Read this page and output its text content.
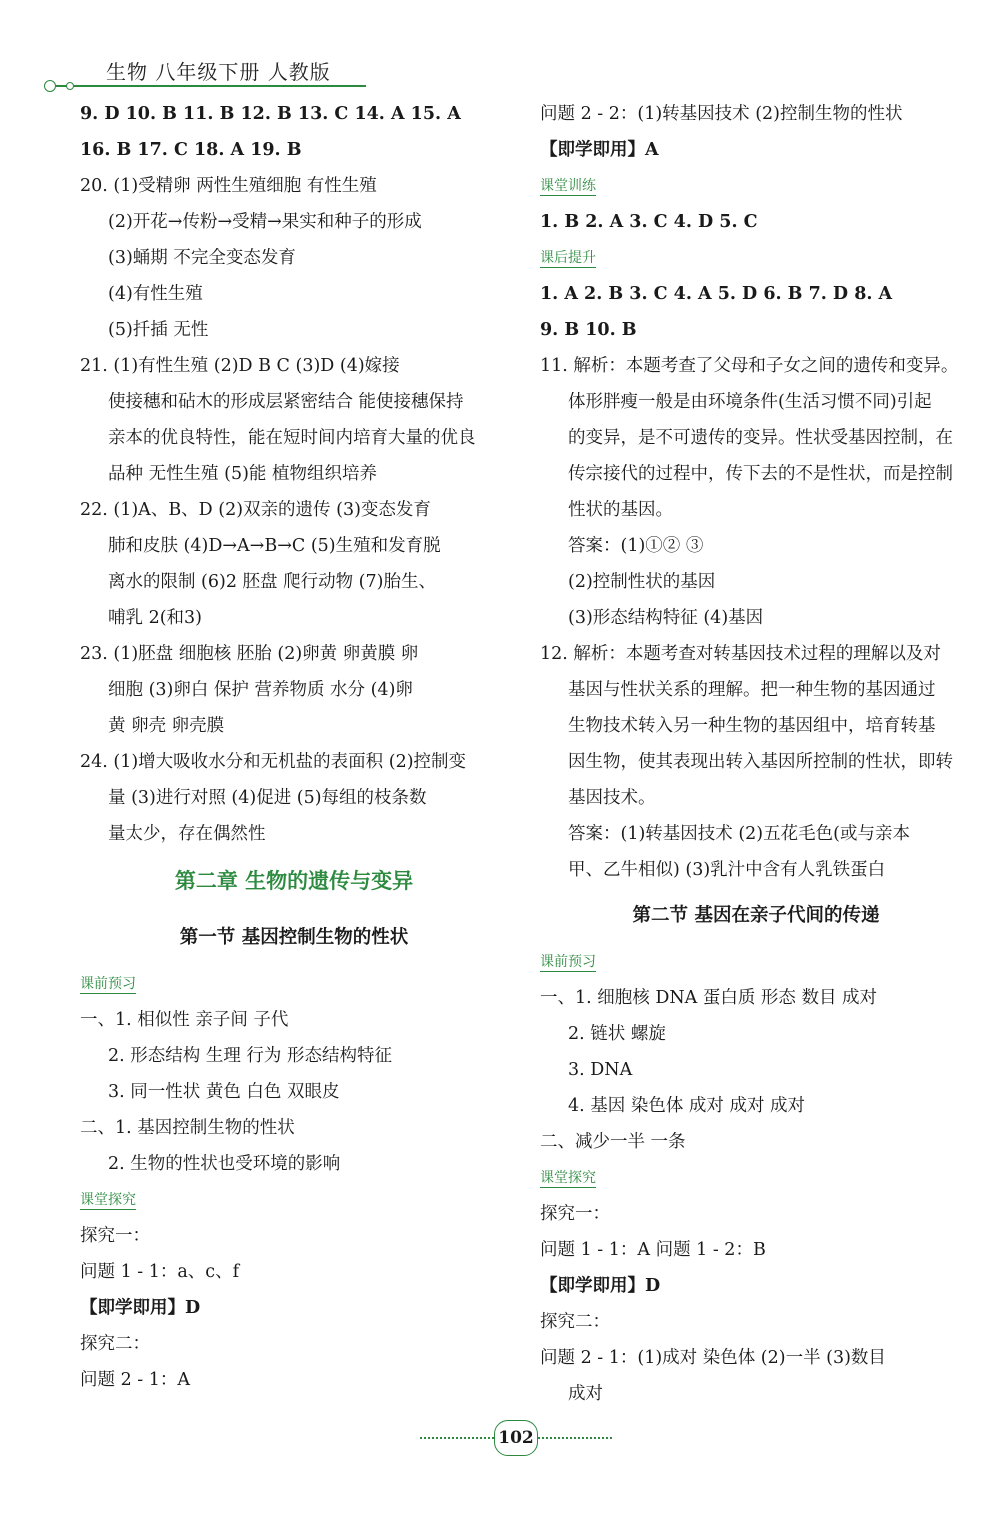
生物 八年级下册 人教版
9. D 10. B 11. B 12. B 13. C 14. A 15. A
16. B 17. C 18. A 19. B
20. (1)受精卵 两性生殖细胞 有性生殖
(2)开花→传粉→受精→果实和种子的形成
(3)蛹期 不完全变态发育
(4)有性生殖
(5)扦插 无性
21. (1)有性生殖 (2)D B C (3)D (4)嫁接
使接穗和砧木的形成层紧密结合 能使接穗保持
亲本的优良特性，能在短时间内培育大量的优良
品种 无性生殖 (5)能 植物组织培养
22. (1)A、B、D (2)双亲的遗传 (3)变态发育
肺和皮肤 (4)D→A→B→C (5)生殖和发育脱
离水的限制 (6)2 胚盘 爬行动物 (7)胎生、
哺乳 2(和3)
23. (1)胚盘 细胞核 胚胎 (2)卵黄 卵黄膜 卵
细胞 (3)卵白 保护 营养物质 水分 (4)卵
黄 卵壳 卵壳膜
24. (1)增大吸收水分和无机盐的表面积 (2)控制变
量 (3)进行对照 (4)促进 (5)每组的枝条数
量太少，存在偶然性
第二章 生物的遗传与变异
第一节 基因控制生物的性状
课前预习
一、1. 相似性 亲子间 子代
2. 形态结构 生理 行为 形态结构特征
3. 同一性状 黄色 白色 双眼皮
二、1. 基因控制生物的性状
2. 生物的性状也受环境的影响
课堂探究
探究一：
问题 1 - 1：a、c、f
【即学即用】D
探究二：
问题 2 - 1：A
问题 2 - 2：(1)转基因技术 (2)控制生物的性状
【即学即用】A
课堂训练
1. B 2. A 3. C 4. D 5. C
课后提升
1. A 2. B 3. C 4. A 5. D 6. B 7. D 8. A
9. B 10. B
11. 解析：本题考查了父母和子女之间的遗传和变异。
体形胖瘦一般是由环境条件(生活习惯不同)引起
的变异，是不可遗传的变异。性状受基因控制，在
传宗接代的过程中，传下去的不是性状，而是控制
性状的基因。
答案：(1)①② ③
(2)控制性状的基因
(3)形态结构特征 (4)基因
12. 解析：本题考查对转基因技术过程的理解以及对
基因与性状关系的理解。把一种生物的基因通过
生物技术转入另一种生物的基因组中，培育转基
因生物，使其表现出转入基因所控制的性状，即转
基因技术。
答案：(1)转基因技术 (2)五花毛色(或与亲本
甲、乙牛相似) (3)乳汁中含有人乳铁蛋白
第二节 基因在亲子代间的传递
课前预习
一、1. 细胞核 DNA 蛋白质 形态 数目 成对
2. 链状 螺旋
3. DNA
4. 基因 染色体 成对 成对 成对
二、减少一半 一条
课堂探究
探究一：
问题 1 - 1：A 问题 1 - 2：B
【即学即用】D
探究二：
问题 2 - 1：(1)成对 染色体 (2)一半 (3)数目
成对
102
